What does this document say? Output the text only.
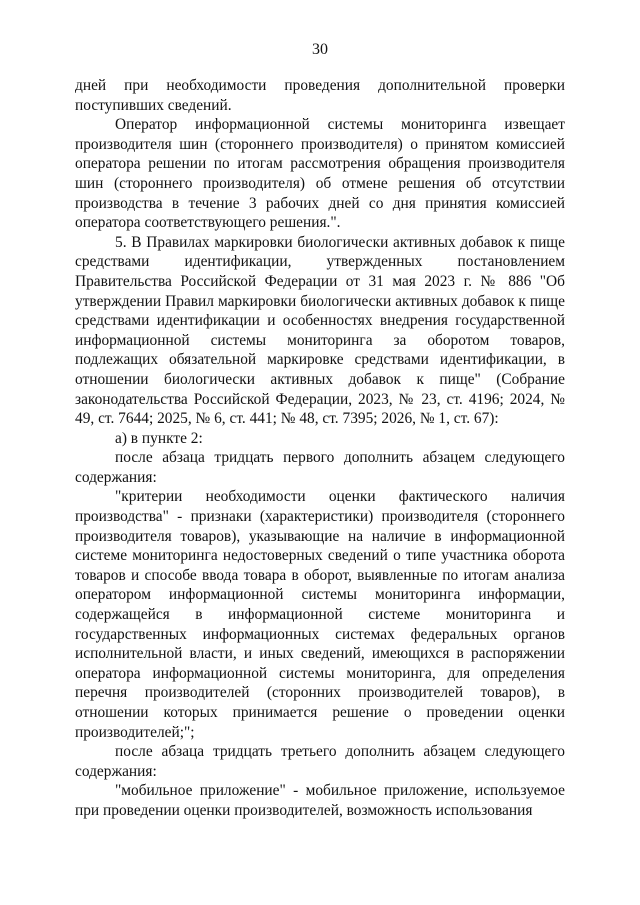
30

дней при необходимости проведения дополнительной проверки поступивших сведений.

Оператор информационной системы мониторинга извещает производителя шин (стороннего производителя) о принятом комиссией оператора решении по итогам рассмотрения обращения производителя шин (стороннего производителя) об отмене решения об отсутствии производства в течение 3 рабочих дней со дня принятия комиссией оператора соответствующего решения.".

5. В Правилах маркировки биологически активных добавок к пище средствами идентификации, утвержденных постановлением Правительства Российской Федерации от 31 мая 2023 г. № 886 "Об утверждении Правил маркировки биологически активных добавок к пище средствами идентификации и особенностях внедрения государственной информационной системы мониторинга за оборотом товаров, подлежащих обязательной маркировке средствами идентификации, в отношении биологически активных добавок к пище" (Собрание законодательства Российской Федерации, 2023, № 23, ст. 4196; 2024, № 49, ст. 7644; 2025, № 6, ст. 441; № 48, ст. 7395; 2026, № 1, ст. 67):

а) в пункте 2:

после абзаца тридцать первого дополнить абзацем следующего содержания:

"критерии необходимости оценки фактического наличия производства" - признаки (характеристики) производителя (стороннего производителя товаров), указывающие на наличие в информационной системе мониторинга недостоверных сведений о типе участника оборота товаров и способе ввода товара в оборот, выявленные по итогам анализа оператором информационной системы мониторинга информации, содержащейся в информационной системе мониторинга и государственных информационных системах федеральных органов исполнительной власти, и иных сведений, имеющихся в распоряжении оператора информационной системы мониторинга, для определения перечня производителей (сторонних производителей товаров), в отношении которых принимается решение о проведении оценки производителей;";

после абзаца тридцать третьего дополнить абзацем следующего содержания:

"мобильное приложение" - мобильное приложение, используемое при проведении оценки производителей, возможность использования
